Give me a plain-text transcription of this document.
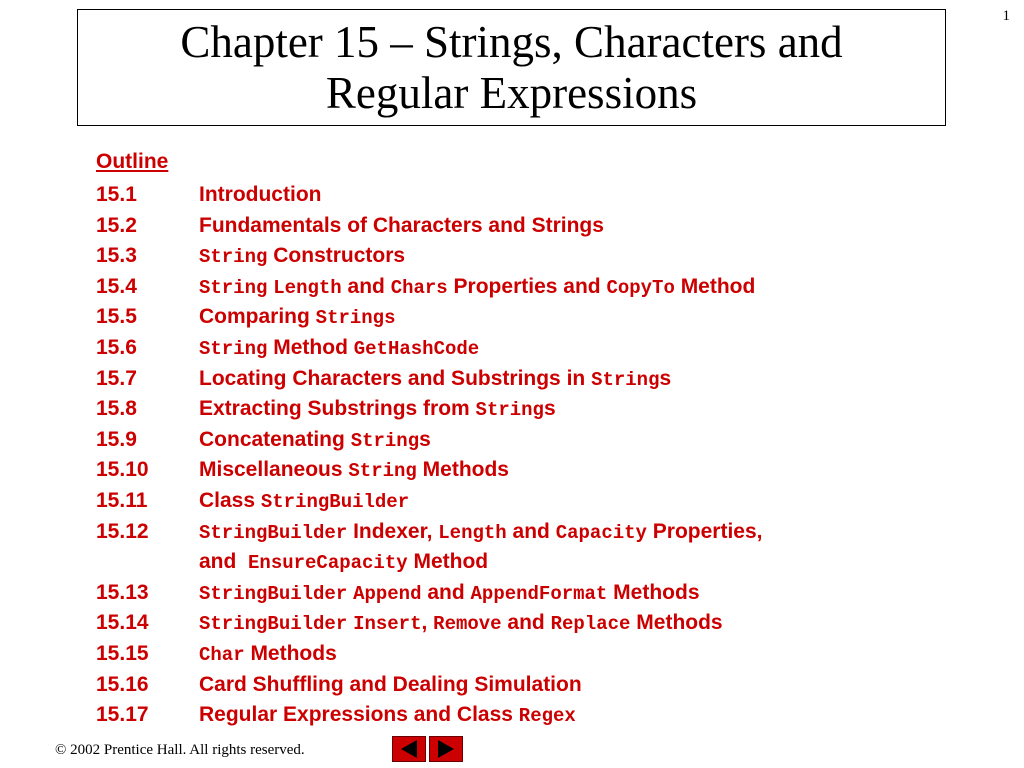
1
Chapter 15 – Strings, Characters and
Regular Expressions
Outline
15.1	Introduction
15.2	Fundamentals of Characters and Strings
15.3	String Constructors
15.4	String Length and Chars Properties and CopyTo Method
15.5	Comparing Strings
15.6	String Method GetHashCode
15.7	Locating Characters and Substrings in Strings
15.8	Extracting Substrings from Strings
15.9	Concatenating Strings
15.10	Miscellaneous String Methods
15.11	Class StringBuilder
15.12	StringBuilder Indexer, Length and Capacity Properties,
and  EnsureCapacity Method
15.13	StringBuilder Append and AppendFormat Methods
15.14	StringBuilder Insert, Remove and Replace Methods
15.15	Char Methods
15.16	Card Shuffling and Dealing Simulation
15.17	Regular Expressions and Class Regex
© 2002 Prentice Hall. All rights reserved.
